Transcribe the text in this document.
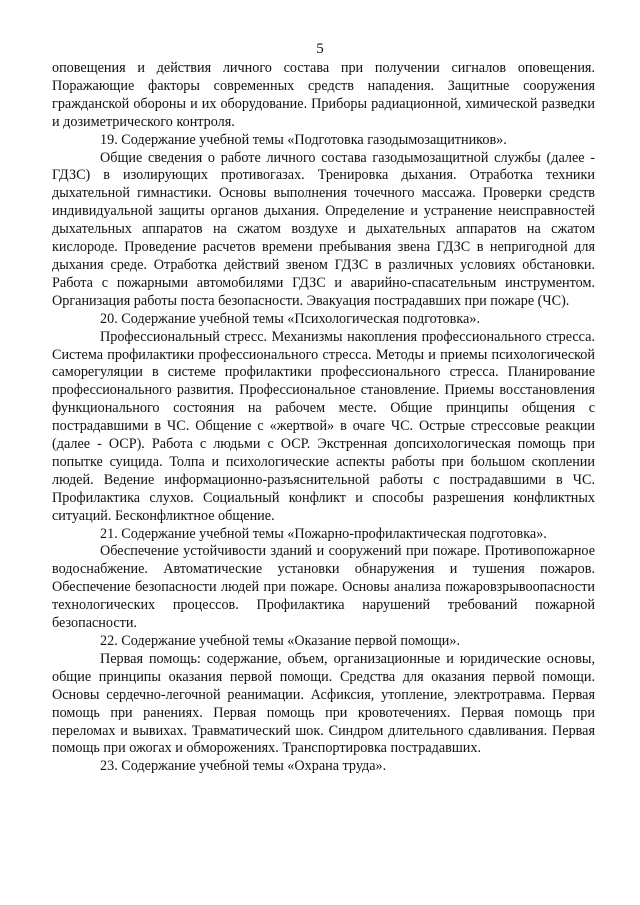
5

оповещения и действия личного состава при получении сигналов оповещения. Поражающие факторы современных средств нападения. Защитные сооружения гражданской обороны и их оборудование. Приборы радиационной, химической разведки и дозиметрического контроля.

19. Содержание учебной темы «Подготовка газодымозащитников».

Общие сведения о работе личного состава газодымозащитной службы (далее - ГДЗС) в изолирующих противогазах. Тренировка дыхания. Отработка техники дыхательной гимнастики. Основы выполнения точечного массажа. Проверки средств индивидуальной защиты органов дыхания. Определение и устранение неисправностей дыхательных аппаратов на сжатом воздухе и дыхательных аппаратов на сжатом кислороде. Проведение расчетов времени пребывания звена ГДЗС в непригодной для дыхания среде. Отработка действий звеном ГДЗС в различных условиях обстановки. Работа с пожарными автомобилями ГДЗС и аварийно-спасательным инструментом. Организация работы поста безопасности. Эвакуация пострадавших при пожаре (ЧС).

20. Содержание учебной темы «Психологическая подготовка».

Профессиональный стресс. Механизмы накопления профессионального стресса. Система профилактики профессионального стресса. Методы и приемы психологической саморегуляции в системе профилактики профессионального стресса. Планирование профессионального развития. Профессиональное становление. Приемы восстановления функционального состояния на рабочем месте. Общие принципы общения с пострадавшими в ЧС. Общение с «жертвой» в очаге ЧС. Острые стрессовые реакции (далее - ОСР). Работа с людьми с ОСР. Экстренная допсихологическая помощь при попытке суицида. Толпа и психологические аспекты работы при большом скоплении людей. Ведение информационно-разъяснительной работы с пострадавшими в ЧС. Профилактика слухов. Социальный конфликт и способы разрешения конфликтных ситуаций. Бесконфликтное общение.

21. Содержание учебной темы «Пожарно-профилактическая подготовка».

Обеспечение устойчивости зданий и сооружений при пожаре. Противопожарное водоснабжение. Автоматические установки обнаружения и тушения пожаров. Обеспечение безопасности людей при пожаре. Основы анализа пожаровзрывоопасности технологических процессов. Профилактика нарушений требований пожарной безопасности.

22. Содержание учебной темы «Оказание первой помощи».

Первая помощь: содержание, объем, организационные и юридические основы, общие принципы оказания первой помощи. Средства для оказания первой помощи. Основы сердечно-легочной реанимации. Асфиксия, утопление, электротравма. Первая помощь при ранениях. Первая помощь при кровотечениях. Первая помощь при переломах и вывихах. Травматический шок. Синдром длительного сдавливания. Первая помощь при ожогах и обморожениях. Транспортировка пострадавших.

23. Содержание учебной темы «Охрана труда».
